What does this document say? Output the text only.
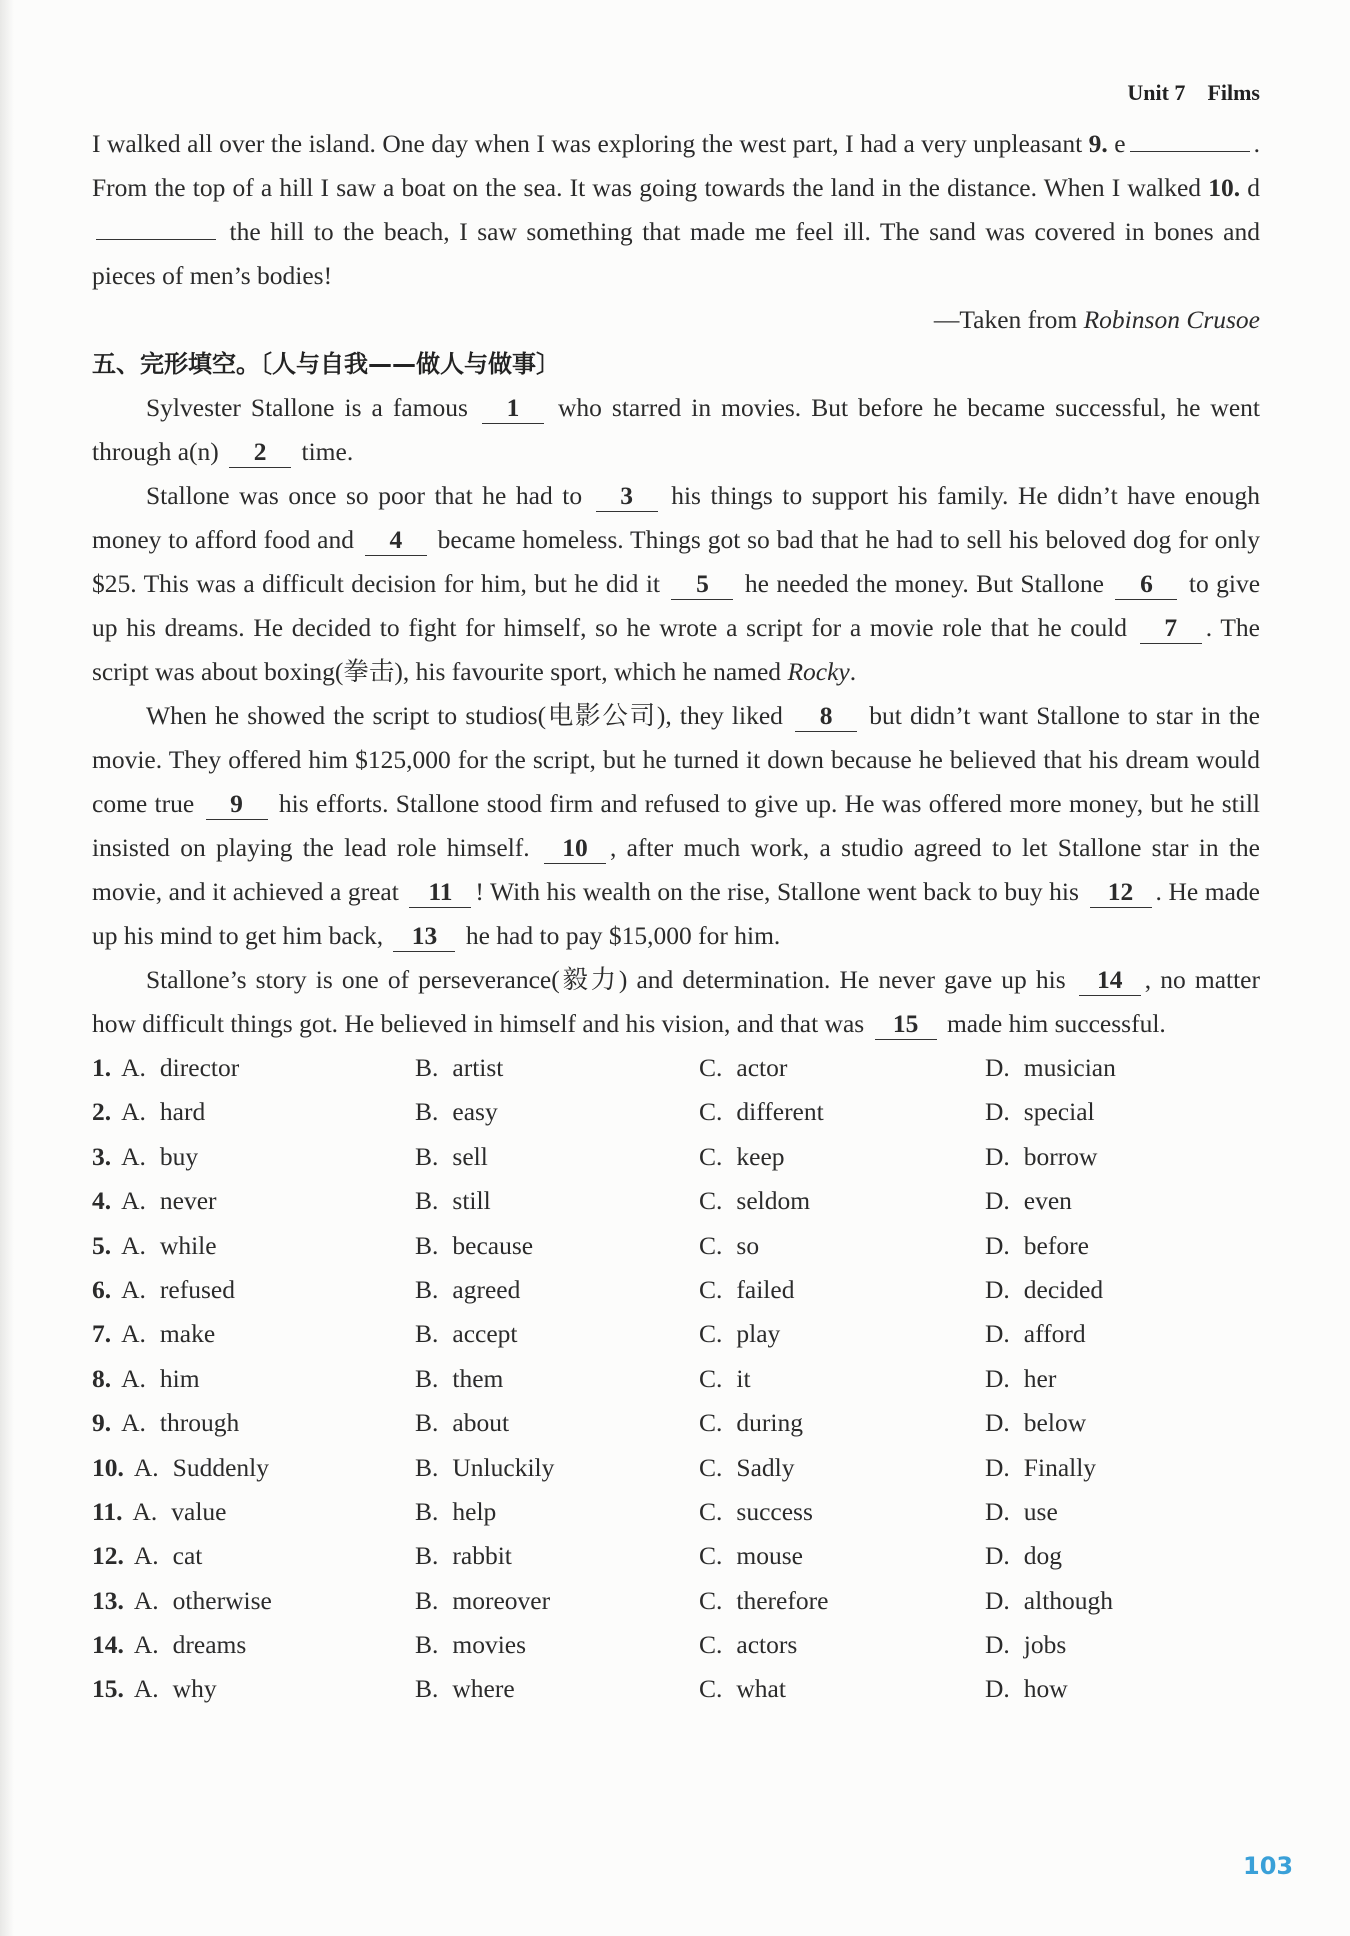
Unit 7 Films

I walked all over the island. One day when I was exploring the west part, I had a very unpleasant 9. e	. From the top of a hill I saw a boat on the sea. It was going towards the land in the distance. When I walked 10. d the hill to the beach, I saw something that made me feel ill. The sand was covered in bones and pieces of men’s bodies!

—Taken from Robinson Crusoe

五、完形填空。〔人与自我——做人与做事〕

Sylvester Stallone is a famous 1 who starred in movies. But before he became successful, he went through a(n) 2 time.

Stallone was once so poor that he had to 3 his things to support his family. He didn’t have enough money to afford food and 4 became homeless. Things got so bad that he had to sell his beloved dog for only $25. This was a difficult decision for him, but he did it 5 he needed the money. But Stallone 6 to give up his dreams. He decided to fight for himself, so he wrote a script for a movie role that he could 7 . The script was about boxing(拳击), his favourite sport, which he named Rocky.

When he showed the script to studios(电影公司), they liked 8 but didn’t want Stallone to star in the movie. They offered him $125,000 for the script, but he turned it down because he believed that his dream would come true 9 his efforts. Stallone stood firm and refused to give up. He was offered more money, but he still insisted on playing the lead role himself. 10 , after much work, a studio agreed to let Stallone star in the movie, and it achieved a great 11 ! With his wealth on the rise, Stallone went back to buy his 12 . He made up his mind to get him back, 13 he had to pay $15,000 for him.

Stallone’s story is one of perseverance(毅力) and determination. He never gave up his 14 , no matter how difficult things got. He believed in himself and his vision, and that was 15 made him successful.

1. A. director	B. artist	C. actor	D. musician
2. A. hard	B. easy	C. different	D. special
3. A. buy	B. sell	C. keep	D. borrow
4. A. never	B. still	C. seldom	D. even
5. A. while	B. because	C. so	D. before
6. A. refused	B. agreed	C. failed	D. decided
7. A. make	B. accept	C. play	D. afford
8. A. him	B. them	C. it	D. her
9. A. through	B. about	C. during	D. below
10. A. Suddenly	B. Unluckily	C. Sadly	D. Finally
11. A. value	B. help	C. success	D. use
12. A. cat	B. rabbit	C. mouse	D. dog
13. A. otherwise	B. moreover	C. therefore	D. although
14. A. dreams	B. movies	C. actors	D. jobs
15. A. why	B. where	C. what	D. how
103
